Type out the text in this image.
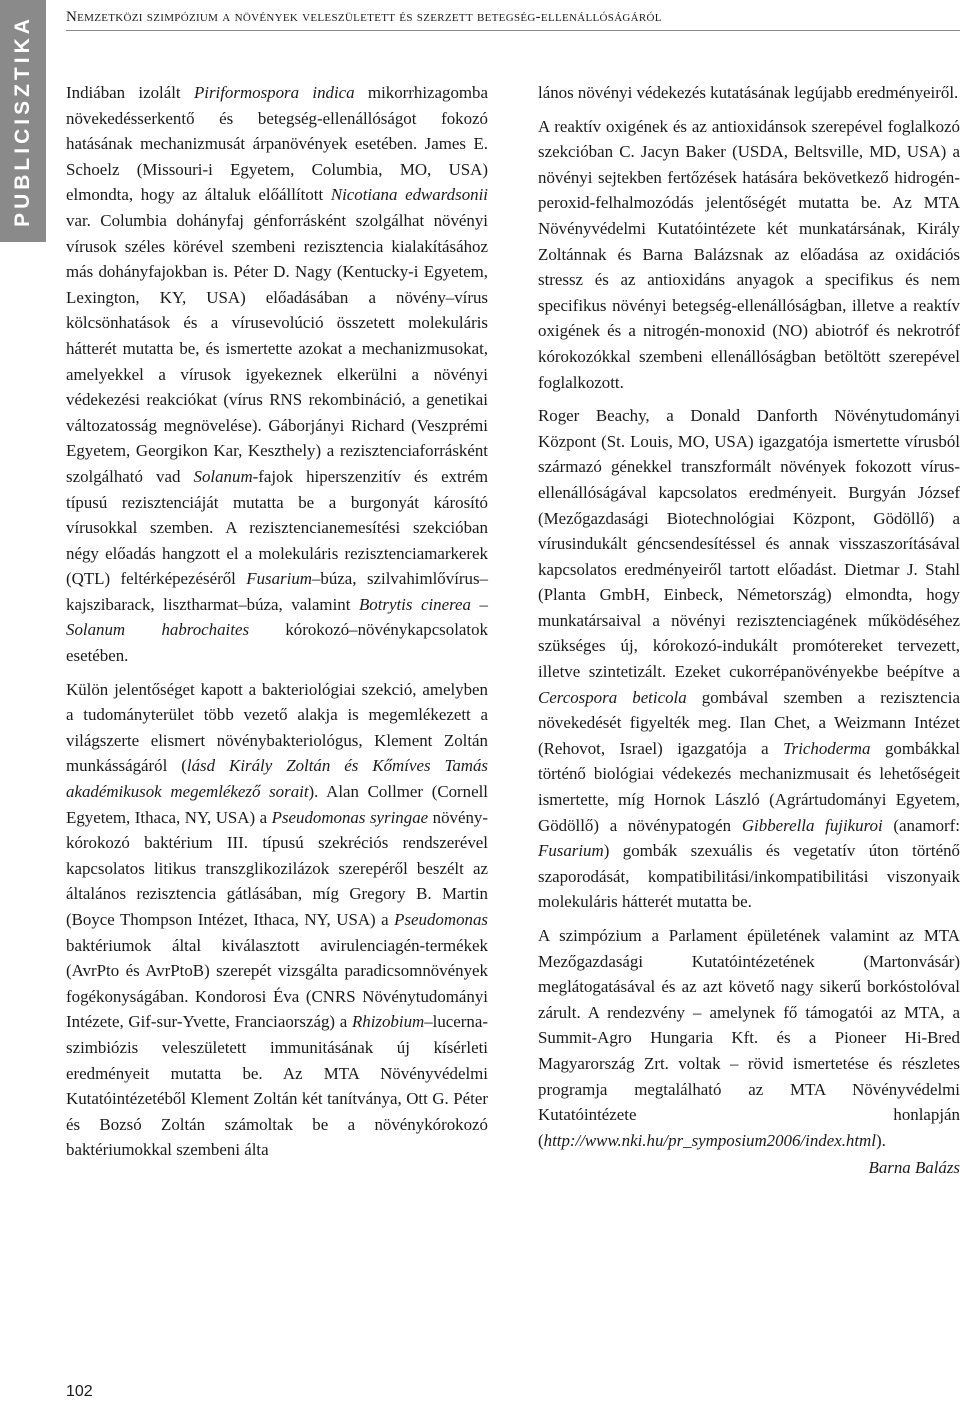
PUBLICISZTIKA Nemzetközi szimpózium a növények veleszületett és szerzett betegség-ellenállóságáról

Indiában izolált Piriformospora indica mikorrhizagomba növekedésserkentő és betegség-ellenállóságot fokozó hatásának mechanizmusát árpanövények esetében. James E. Schoelz (Missouri-i Egyetem, Columbia, MO, USA) elmondta, hogy az általuk előállított Nicotiana edwardsonii var. Columbia dohányfaj génforrásként szolgálhat növényi vírusok széles körével szembeni rezisztencia kialakításához más dohányfajokban is. Péter D. Nagy (Kentucky-i Egyetem, Lexington, KY, USA) előadásában a növény–vírus kölcsönhatások és a vírusevolúció összetett molekuláris hátterét mutatta be, és ismertette azokat a mechanizmusokat, amelyekkel a vírusok igyekeznek elkerülni a növényi védekezési reakciókat (vírus RNS rekombináció, a genetikai változatosság megnövelése). Gáborjányi Richard (Veszprémi Egyetem, Georgikon Kar, Keszthely) a rezisztenciaforrásként szolgálható vad Solanum-fajok hiperszenzitív és extrém típusú rezisztenciáját mutatta be a burgonyát károsító vírusokkal szemben. A rezisztencianemesítési szekcióban négy előadás hangzott el a molekuláris rezisztenciamarkerek (QTL) feltérképezéséről Fusarium–búza, szilvahimlővírus–kajszibarack, lisztharmat–búza, valamint Botrytis cinerea – Solanum habrochaites kórokozó–növénykapcsolatok esetében.

Külön jelentőséget kapott a bakteriológiai szekció, amelyben a tudományterület több vezető alakja is megemlékezett a világszerte elismert növénybakteriológus, Klement Zoltán munkásságáról (lásd Király Zoltán és Kőmíves Tamás akadémikusok megemlékező sorait). Alan Collmer (Cornell Egyetem, Ithaca, NY, USA) a Pseudomonas syringae növénykórokozó baktérium III. típusú szekréciós rendszerével kapcsolatos litikus transzglikozilázok szerepéről beszélt az általános rezisztencia gátlásában, míg Gregory B. Martin (Boyce Thompson Intézet, Ithaca, NY, USA) a Pseudomonas baktériumok által kiválasztott avirulenciagén-termékek (AvrPto és AvrPtoB) szerepét vizsgálta paradicsomnövények fogékonyságában. Kondorosi Éva (CNRS Növénytudományi Intézete, Gif-sur-Yvette, Franciaország) a Rhizobium–lucerna-szimbiózis veleszületett immunitásának új kísérleti eredményeit mutatta be. Az MTA Növényvédelmi Kutatóintézetéből Klement Zoltán két tanítványa, Ott G. Péter és Bozsó Zoltán számoltak be a növénykórokozó baktériumokkal szembeni álta

lános növényi védekezés kutatásának legújabb eredményeiről.

A reaktív oxigének és az antioxidánsok szerepével foglalkozó szekcióban C. Jacyn Baker (USDA, Beltsville, MD, USA) a növényi sejtekben fertőzések hatására bekövetkező hidrogén-peroxid-felhalmozódás jelentőségét mutatta be. Az MTA Növényvédelmi Kutatóintézete két munkatársának, Király Zoltánnak és Barna Balázsnak az előadása az oxidációs stressz és az antioxidáns anyagok a specifikus és nem specifikus növényi betegség-ellenállóságban, illetve a reaktív oxigének és a nitrogén-monoxid (NO) abiotróf és nekrotróf kórokozókkal szembeni ellenállóságban betöltött szerepével foglalkozott.

Roger Beachy, a Donald Danforth Növénytudományi Központ (St. Louis, MO, USA) igazgatója ismertette vírusból származó génekkel transzformált növények fokozott vírus-ellenállóságával kapcsolatos eredményeit. Burgyán József (Mezőgazdasági Biotechnológiai Központ, Gödöllő) a vírusindukált géncsendesítéssel és annak visszaszorításával kapcsolatos eredményeiről tartott előadást. Dietmar J. Stahl (Planta GmbH, Einbeck, Németország) elmondta, hogy munkatársaival a növényi rezisztenciagének működéséhez szükséges új, kórokozó-indukált promótereket tervezett, illetve szintetizált. Ezeket cukorrépanövényekbe beépítve a Cercospora beticola gombával szemben a rezisztencia növekedését figyelték meg. Ilan Chet, a Weizmann Intézet (Rehovot, Israel) igazgatója a Trichoderma gombákkal történő biológiai védekezés mechanizmusait és lehetőségeit ismertette, míg Hornok László (Agrártudományi Egyetem, Gödöllő) a növénypatogén Gibberella fujikuroi (anamorf: Fusarium) gombák szexuális és vegetatív úton történő szaporodását, kompatibilitási/inkompatibilitási viszonyaik molekuláris hátterét mutatta be.

A szimpózium a Parlament épületének valamint az MTA Mezőgazdasági Kutatóintézetének (Martonvásár) meglátogatásával és az azt követő nagy sikerű borkóstolóval zárult. A rendezvény – amelynek fő támogatói az MTA, a Summit-Agro Hungaria Kft. és a Pioneer Hi-Bred Magyarország Zrt. voltak – rövid ismertetése és részletes programja megtalálható az MTA Növényvédelmi Kutatóintézete honlapján (http://www.nki.hu/pr_symposium2006/index.html).

Barna Balázs
102
